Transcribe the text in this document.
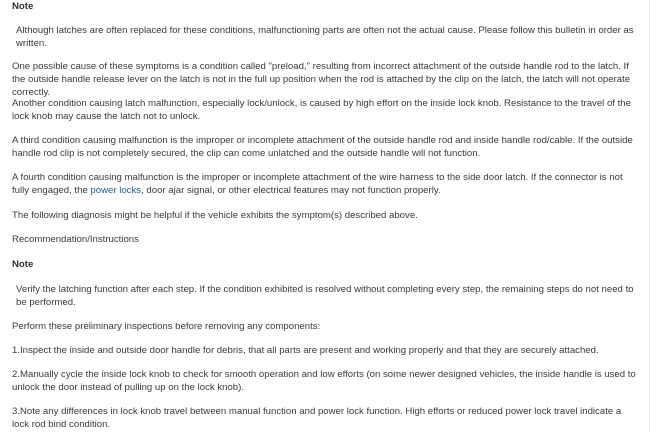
Note

Although latches are often replaced for these conditions, malfunctioning parts are often not the actual cause. Please follow this bulletin in order as written.

One possible cause of these symptoms is a condition called "preload," resulting from incorrect attachment of the outside handle rod to the latch. If the outside handle release lever on the latch is not in the full up position when the rod is attached by the clip on the latch, the latch will not operate correctly.

Another condition causing latch malfunction, especially lock/unlock, is caused by high effort on the inside lock knob. Resistance to the travel of the lock knob may cause the latch not to unlock.

A third condition causing malfunction is the improper or incomplete attachment of the outside handle rod and inside handle rod/cable. If the outside handle rod clip is not completely secured, the clip can come unlatched and the outside handle will not function.

A fourth condition causing malfunction is the improper or incomplete attachment of the wire harness to the side door latch. If the connector is not fully engaged, the power locks, door ajar signal, or other electrical features may not function properly.

The following diagnosis might be helpful if the vehicle exhibits the symptom(s) described above.

Recommendation/Instructions

Note

Verify the latching function after each step. If the condition exhibited is resolved without completing every step, the remaining steps do not need to be performed.

Perform these preliminary inspections before removing any components:

1.Inspect the inside and outside door handle for debris, that all parts are present and working properly and that they are securely attached.

2.Manually cycle the inside lock knob to check for smooth operation and low efforts (on some newer designed vehicles, the inside handle is used to unlock the door instead of pulling up on the lock knob).

3.Note any differences in lock knob travel between manual function and power lock function. High efforts or reduced power lock travel indicate a lock rod bind condition.
